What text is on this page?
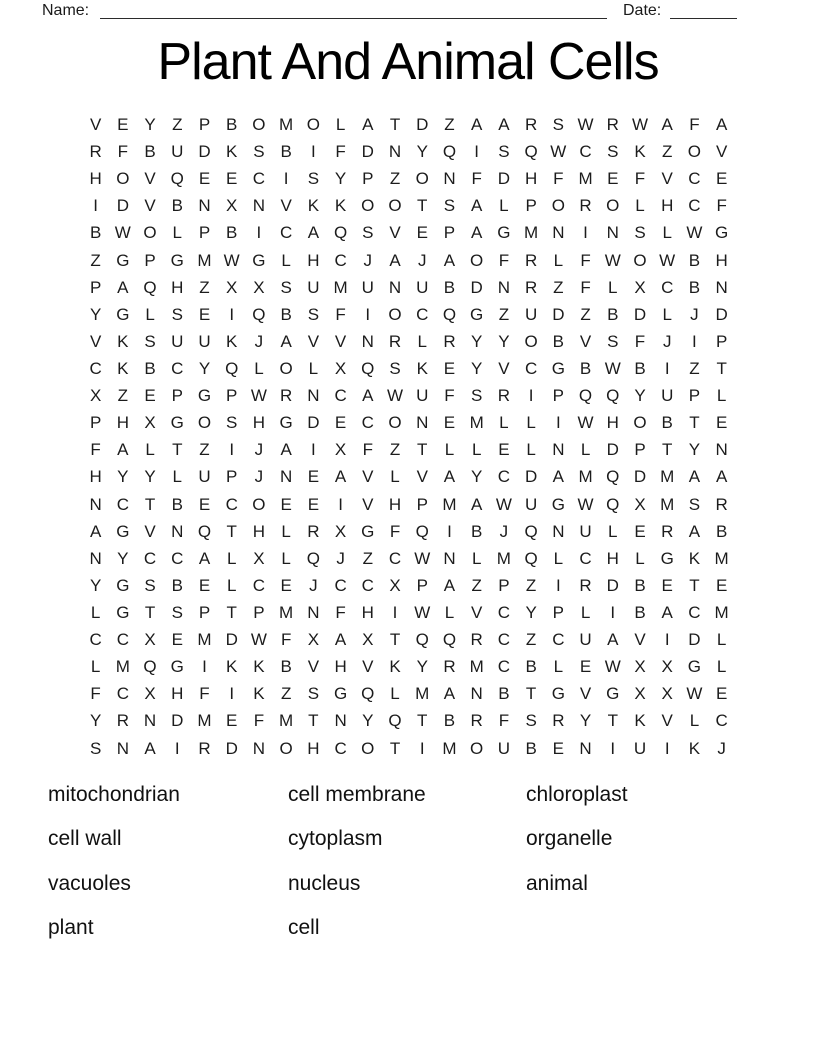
Name:	Date:
Plant And Animal Cells
V E Y Z P B O M O L A T D Z A A R S W R W A F A
R F B U D K S B	I	F D N Y Q	I	S Q W C S K Z O V
H O V Q E E C	I	S Y P Z O N F D H F M E F V C E
I	D V B N X N V K K O O T S A L P O R O L H C F
B W O L P B	I	C A Q S V E P A G M N	I	N S L W G
Z G P G M W G L H C J	A	J	A O F R L	F W O W B H
P A Q H Z X X S U M U N U B D N R Z F	L X C B N
Y G L S E	I	Q B S F	I	O C Q G Z U D Z B D L	J D
V K S U U K	J	A V V N R L R Y Y O B V S F	J	I	P
C K B C Y Q L O L X Q S K E Y V C G B W B	I	Z T
X Z E P G P W R N C A W U F S R	I	P Q Q Y U P L
P H X G O S H G D E C O N E M L	L	I W H O B T E
F A L	T Z	I	J	A	I	X F Z T	L	L E L N L D P T Y N
H Y Y L U P	J N E A V L V A Y C D A M Q D M A A
N C T B E C O E E	I	V H P M A W U G W Q X M S R
A G V N Q T H L R X G F Q	I	B	J Q N U L E R A B
N Y C C A L X L Q J	Z C W N L M Q L C H L G K M
Y G S B E L C E	J C C X P A Z P Z	I	R D B E T E
L G T S P T P M N F H	I W L V C Y P L	I	B A C M
C C X E M D W F X A X T Q Q R C Z C U A V	I	D L
L M Q G	I	K K B V H V K Y R M C B L E W X X G L
F C X H F	I	K Z S G Q L M A N B T G V G X X W E
Y R N D M E F M T N Y Q T B R F S R Y T K V L C
S N A	I	R D N O H C O T	I	M O U B E N	I	U	I	K	J
mitochondrian
cell wall
vacuoles
plant
cell membrane
cytoplasm
nucleus
cell
chloroplast
organelle
animal
